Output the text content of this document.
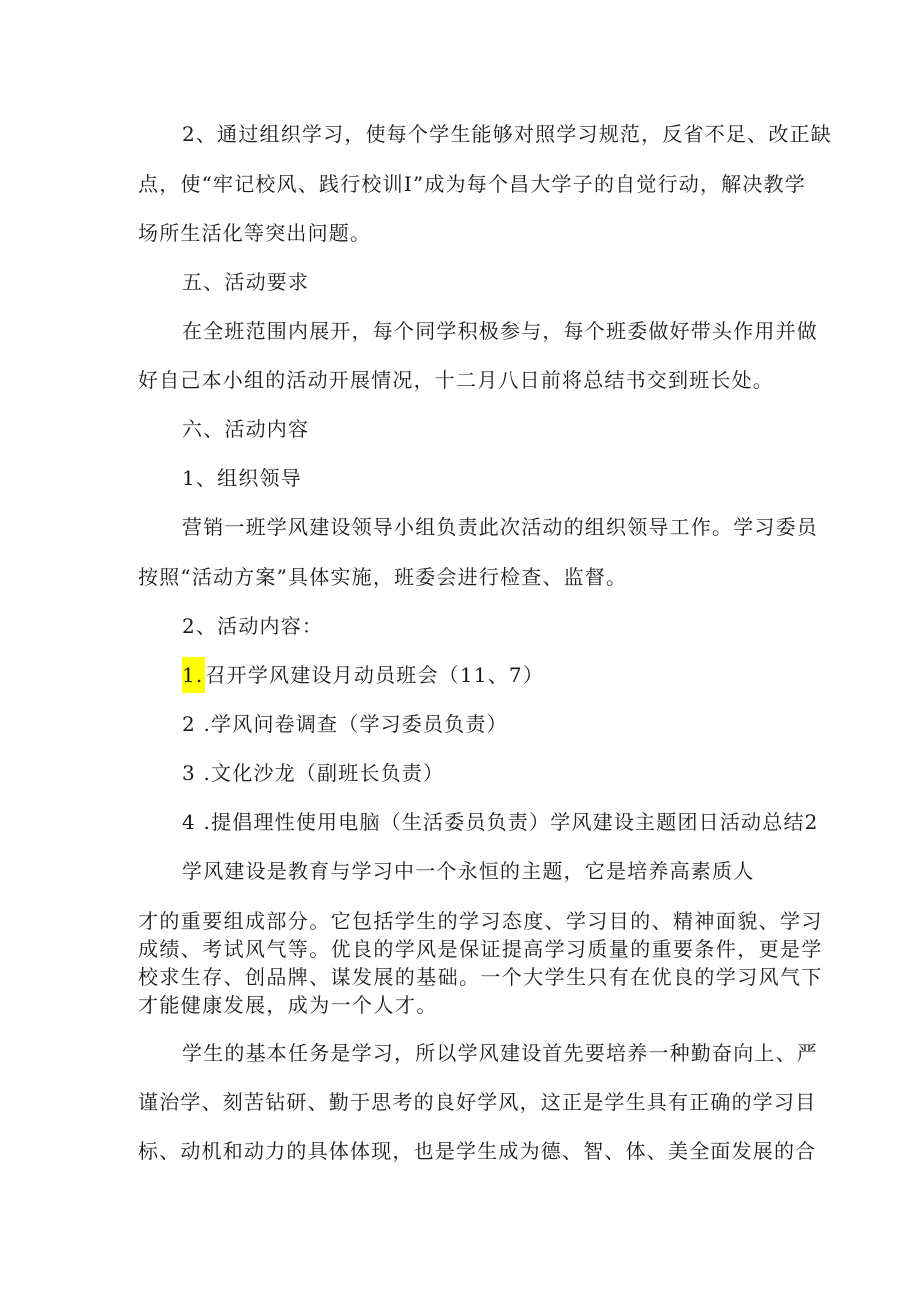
2、通过组织学习，使每个学生能够对照学习规范，反省不足、改正缺
点，使“牢记校风、践行校训I”成为每个昌大学子的自觉行动，解决教学
场所生活化等突出问题。
五、活动要求
在全班范围内展开，每个同学积极参与，每个班委做好带头作用并做
好自己本小组的活动开展情况，十二月八日前将总结书交到班长处。
六、活动内容
1、组织领导
营销一班学风建设领导小组负责此次活动的组织领导工作。学习委员
按照“活动方案”具体实施，班委会进行检查、监督。
2、活动内容：
1. 召开学风建设月动员班会（11、7）
2 .学风问卷调查（学习委员负责）
3 .文化沙龙（副班长负责）
4 .提倡理性使用电脑（生活委员负责）学风建设主题团日活动总结2
学风建设是教育与学习中一个永恒的主题，它是培养高素质人
才的重要组成部分。它包括学生的学习态度、学习目的、精神面貌、学习
成绩、考试风气等。优良的学风是保证提高学习质量的重要条件，更是学
校求生存、创品牌、谋发展的基础。一个大学生只有在优良的学习风气下
才能健康发展，成为一个人才。
学生的基本任务是学习，所以学风建设首先要培养一种勤奋向上、严
谨治学、刻苦钻研、勤于思考的良好学风，这正是学生具有正确的学习目
标、动机和动力的具体体现，也是学生成为德、智、体、美全面发展的合
